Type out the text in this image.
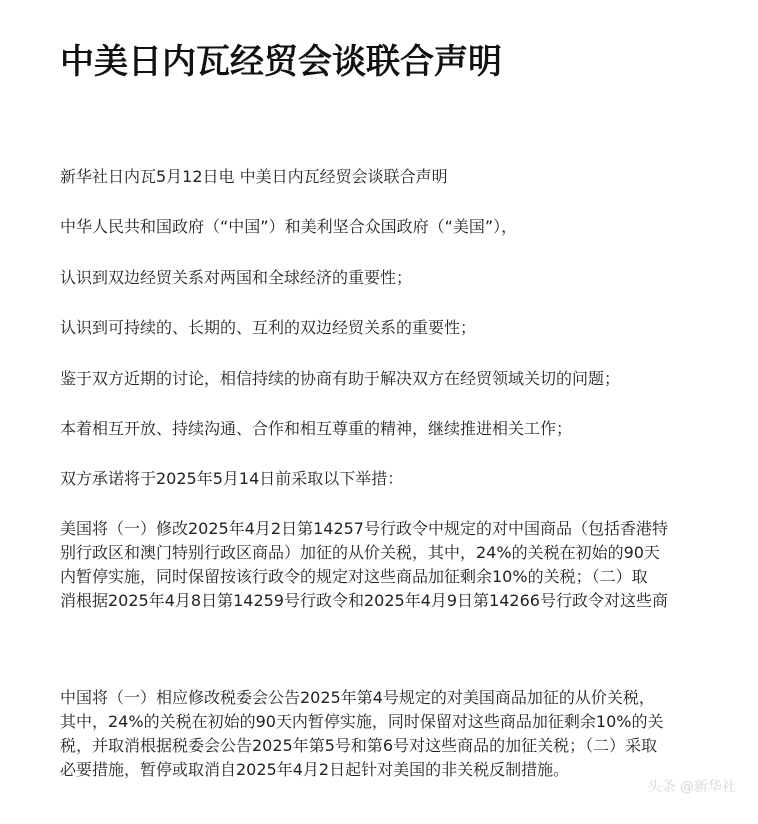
中美日内瓦经贸会谈联合声明

新华社日内瓦5月12日电 中美日内瓦经贸会谈联合声明

中华人民共和国政府（“中国”）和美利坚合众国政府（“美国”），

认识到双边经贸关系对两国和全球经济的重要性；

认识到可持续的、长期的、互利的双边经贸关系的重要性；

鉴于双方近期的讨论，相信持续的协商有助于解决双方在经贸领域关切的问题；

本着相互开放、持续沟通、合作和相互尊重的精神，继续推进相关工作；

双方承诺将于2025年5月14日前采取以下举措：

美国将（一）修改2025年4月2日第14257号行政令中规定的对中国商品（包括香港特
别行政区和澳门特别行政区商品）加征的从价关税，其中，24%的关税在初始的90天
内暂停实施，同时保留按该行政令的规定对这些商品加征剩余10%的关税；（二）取
消根据2025年4月8日第14259号行政令和2025年4月9日第14266号行政令对这些商
中国将（一）相应修改税委会公告2025年第4号规定的对美国商品加征的从价关税，
其中，24%的关税在初始的90天内暂停实施，同时保留对这些商品加征剩余10%的关
税，并取消根据税委会公告2025年第5号和第6号对这些商品的加征关税；（二）采取
必要措施，暂停或取消自2025年4月2日起针对美国的非关税反制措施。
头条 @新华社
